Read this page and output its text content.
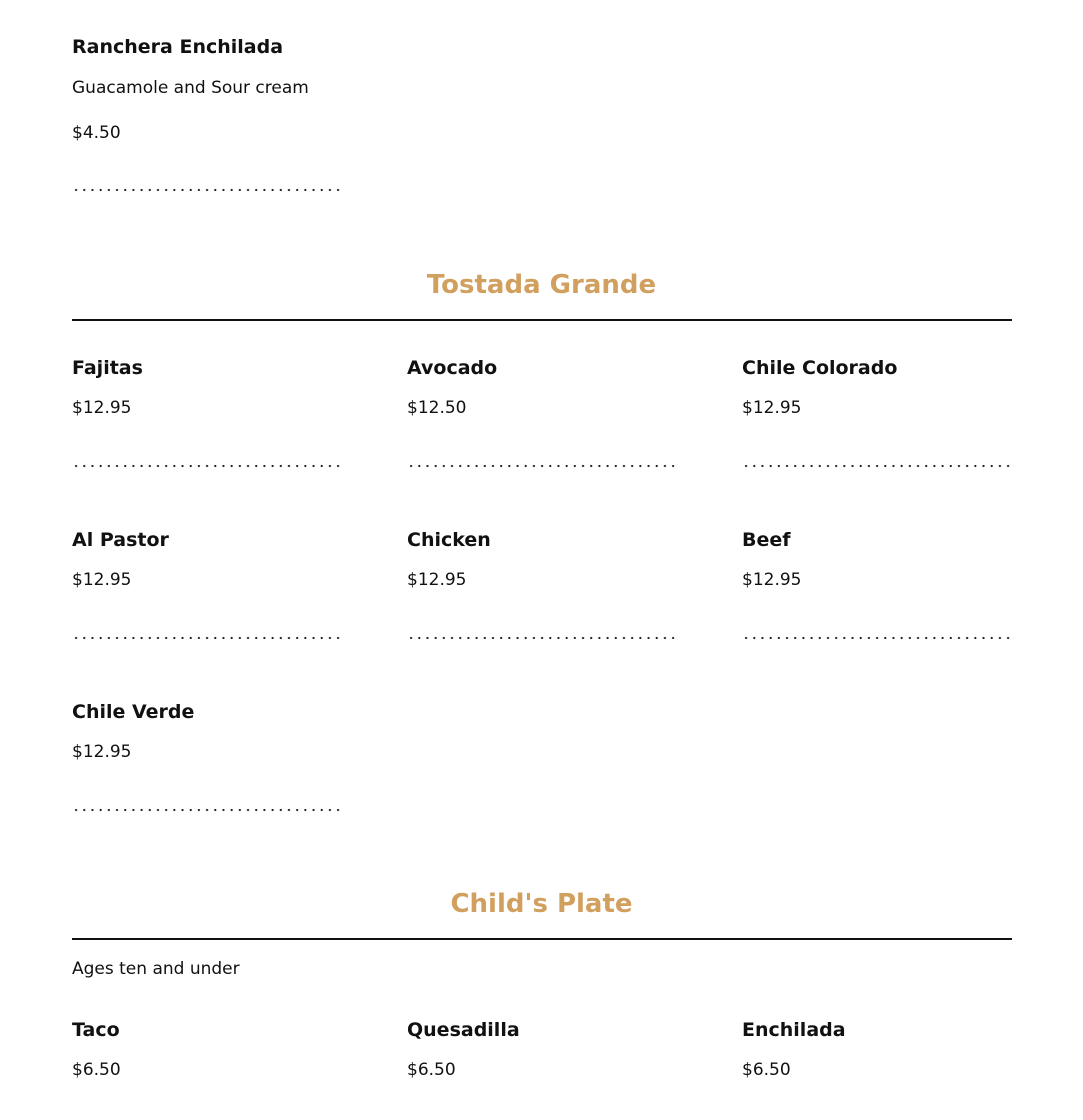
Ranchera Enchilada
Guacamole and Sour cream
$4.50
Tostada Grande
Fajitas
$12.95
Avocado
$12.50
Chile Colorado
$12.95
Al Pastor
$12.95
Chicken
$12.95
Beef
$12.95
Chile Verde
$12.95
Child's Plate
Ages ten and under
Taco
$6.50
Quesadilla
$6.50
Enchilada
$6.50
